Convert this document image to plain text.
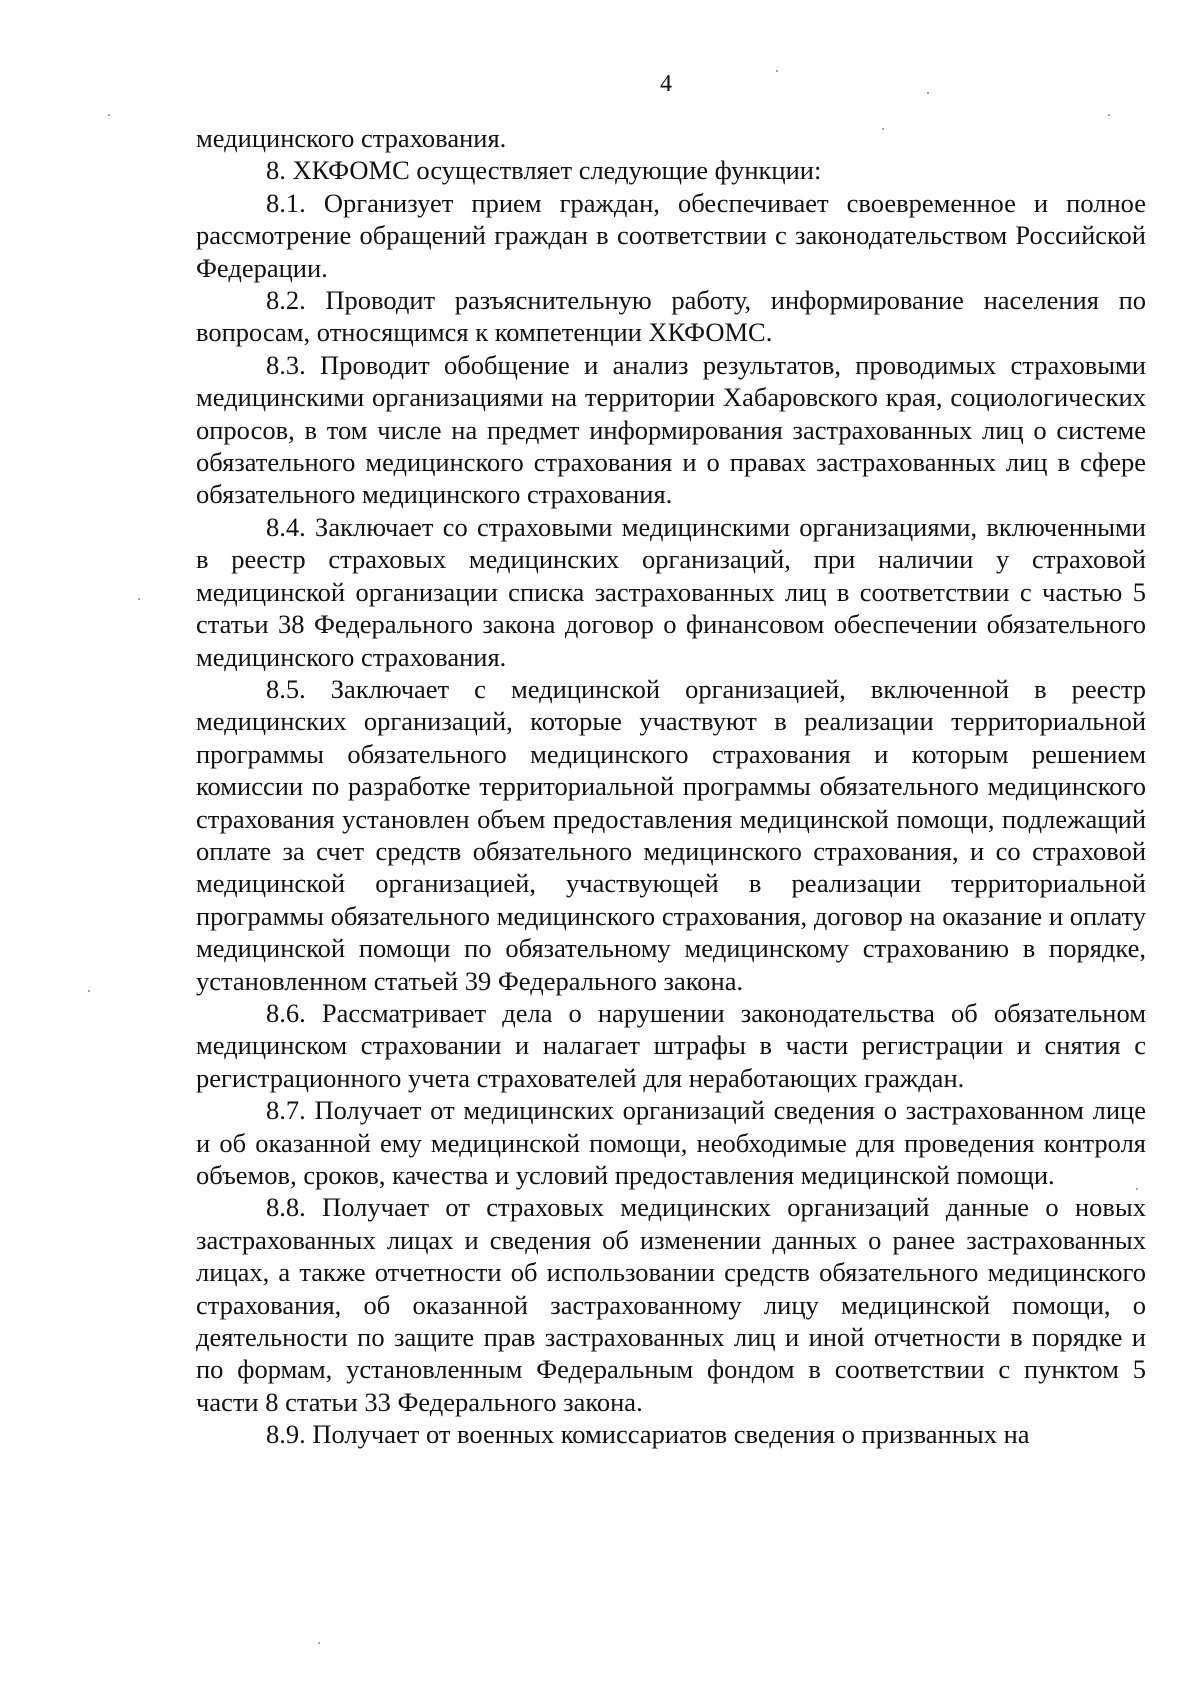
4

медицинского страхования.

8. ХКФОМС осуществляет следующие функции:

8.1. Организует прием граждан, обеспечивает своевременное и полное рассмотрение обращений граждан в соответствии с законодательством Российской Федерации.

8.2. Проводит разъяснительную работу, информирование населения по вопросам, относящимся к компетенции ХКФОМС.

8.3. Проводит обобщение и анализ результатов, проводимых страховыми медицинскими организациями на территории Хабаровского края, социологических опросов, в том числе на предмет информирования застрахованных лиц о системе обязательного медицинского страхования и о правах застрахованных лиц в сфере обязательного медицинского страхования.

8.4. Заключает со страховыми медицинскими организациями, включенными в реестр страховых медицинских организаций, при наличии у страховой медицинской организации списка застрахованных лиц в соответствии с частью 5 статьи 38 Федерального закона договор о финансовом обеспечении обязательного медицинского страхования.

8.5. Заключает с медицинской организацией, включенной в реестр медицинских организаций, которые участвуют в реализации территориальной программы обязательного медицинского страхования и которым решением комиссии по разработке территориальной программы обязательного медицинского страхования установлен объем предоставления медицинской помощи, подлежащий оплате за счет средств обязательного медицинского страхования, и со страховой медицинской организацией, участвующей в реализации территориальной программы обязательного медицинского страхования, договор на оказание и оплату медицинской помощи по обязательному медицинскому страхованию в порядке, установленном статьей 39 Федерального закона.

8.6. Рассматривает дела о нарушении законодательства об обязательном медицинском страховании и налагает штрафы в части регистрации и снятия с регистрационного учета страхователей для неработающих граждан.

8.7. Получает от медицинских организаций сведения о застрахованном лице и об оказанной ему медицинской помощи, необходимые для проведения контроля объемов, сроков, качества и условий предоставления медицинской помощи.

8.8. Получает от страховых медицинских организаций данные о новых застрахованных лицах и сведения об изменении данных о ранее застрахованных лицах, а также отчетности об использовании средств обязательного медицинского страхования, об оказанной застрахованному лицу медицинской помощи, о деятельности по защите прав застрахованных лиц и иной отчетности в порядке и по формам, установленным Федеральным фондом в соответствии с пунктом 5 части 8 статьи 33 Федерального закона.

8.9. Получает от военных комиссариатов сведения о призванных на
